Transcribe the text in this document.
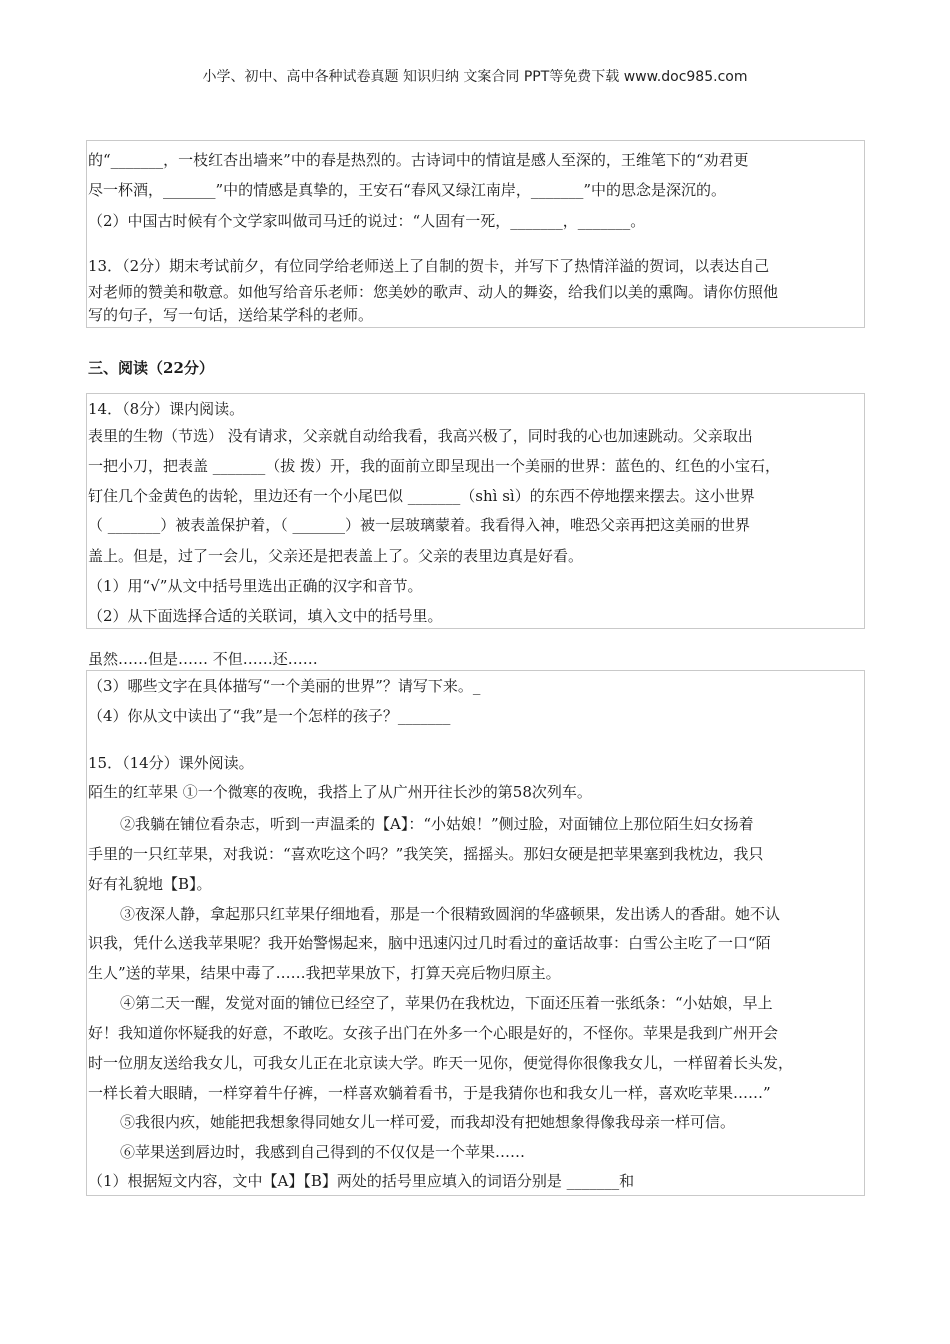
小学、初中、高中各种试卷真题 知识归纳 文案合同 PPT等免费下载 www.doc985.com
的“_______，一枝红杏出墙来”中的春是热烈的。古诗词中的情谊是感人至深的，王维笔下的“劝君更
尽一杯酒，_______”中的情感是真挚的，王安石“春风又绿江南岸，_______”中的思念是深沉的。
（2）中国古时候有个文学家叫做司马迁的说过：“人固有一死，_______，_______。
13．（2分）期末考试前夕，有位同学给老师送上了自制的贺卡，并写下了热情洋溢的贺词，以表达自己
对老师的赞美和敬意。如他写给音乐老师：您美妙的歌声、动人的舞姿，给我们以美的熏陶。请你仿照他
写的句子，写一句话，送给某学科的老师。
三、阅读（22分）
14．（8分）课内阅读。
表里的生物（节选） 没有请求，父亲就自动给我看，我高兴极了，同时我的心也加速跳动。父亲取出
一把小刀，把表盖 _______（拔 拨）开，我的面前立即呈现出一个美丽的世界：蓝色的、红色的小宝石，
钉住几个金黄色的齿轮，里边还有一个小尾巴似 _______（shì sì）的东西不停地摆来摆去。这小世界
（ _______）被表盖保护着，（ _______）被一层玻璃蒙着。我看得入神，唯恐父亲再把这美丽的世界
盖上。但是，过了一会儿，父亲还是把表盖上了。父亲的表里边真是好看。
（1）用“√”从文中括号里选出正确的汉字和音节。
（2）从下面选择合适的关联词，填入文中的括号里。
虽然……但是…… 不但……还……
（3）哪些文字在具体描写“一个美丽的世界”？请写下来。_
（4）你从文中读出了“我”是一个怎样的孩子？_______
15．（14分）课外阅读。
陌生的红苹果 ①一个微寒的夜晚，我搭上了从广州开往长沙的第58次列车。
②我躺在铺位看杂志，听到一声温柔的【A】：“小姑娘！”侧过脸，对面铺位上那位陌生妇女扬着
手里的一只红苹果，对我说：“喜欢吃这个吗？”我笑笑，摇摇头。那妇女硬是把苹果塞到我枕边，我只
好有礼貌地【B】。
③夜深人静，拿起那只红苹果仔细地看，那是一个很精致圆润的华盛顿果，发出诱人的香甜。她不认
识我，凭什么送我苹果呢？我开始警惕起来，脑中迅速闪过几时看过的童话故事：白雪公主吃了一口“陌
生人”送的苹果，结果中毒了……我把苹果放下，打算天亮后物归原主。
④第二天一醒，发觉对面的铺位已经空了，苹果仍在我枕边，下面还压着一张纸条：“小姑娘，早上
好！我知道你怀疑我的好意，不敢吃。女孩子出门在外多一个心眼是好的，不怪你。苹果是我到广州开会
时一位朋友送给我女儿，可我女儿正在北京读大学。昨天一见你，便觉得你很像我女儿，一样留着长头发，
一样长着大眼睛，一样穿着牛仔裤，一样喜欢躺着看书，于是我猜你也和我女儿一样，喜欢吃苹果……”
⑤我很内疚，她能把我想象得同她女儿一样可爱，而我却没有把她想象得像我母亲一样可信。
⑥苹果送到唇边时，我感到自己得到的不仅仅是一个苹果……
（1）根据短文内容，文中【A】【B】两处的括号里应填入的词语分别是 _______和
